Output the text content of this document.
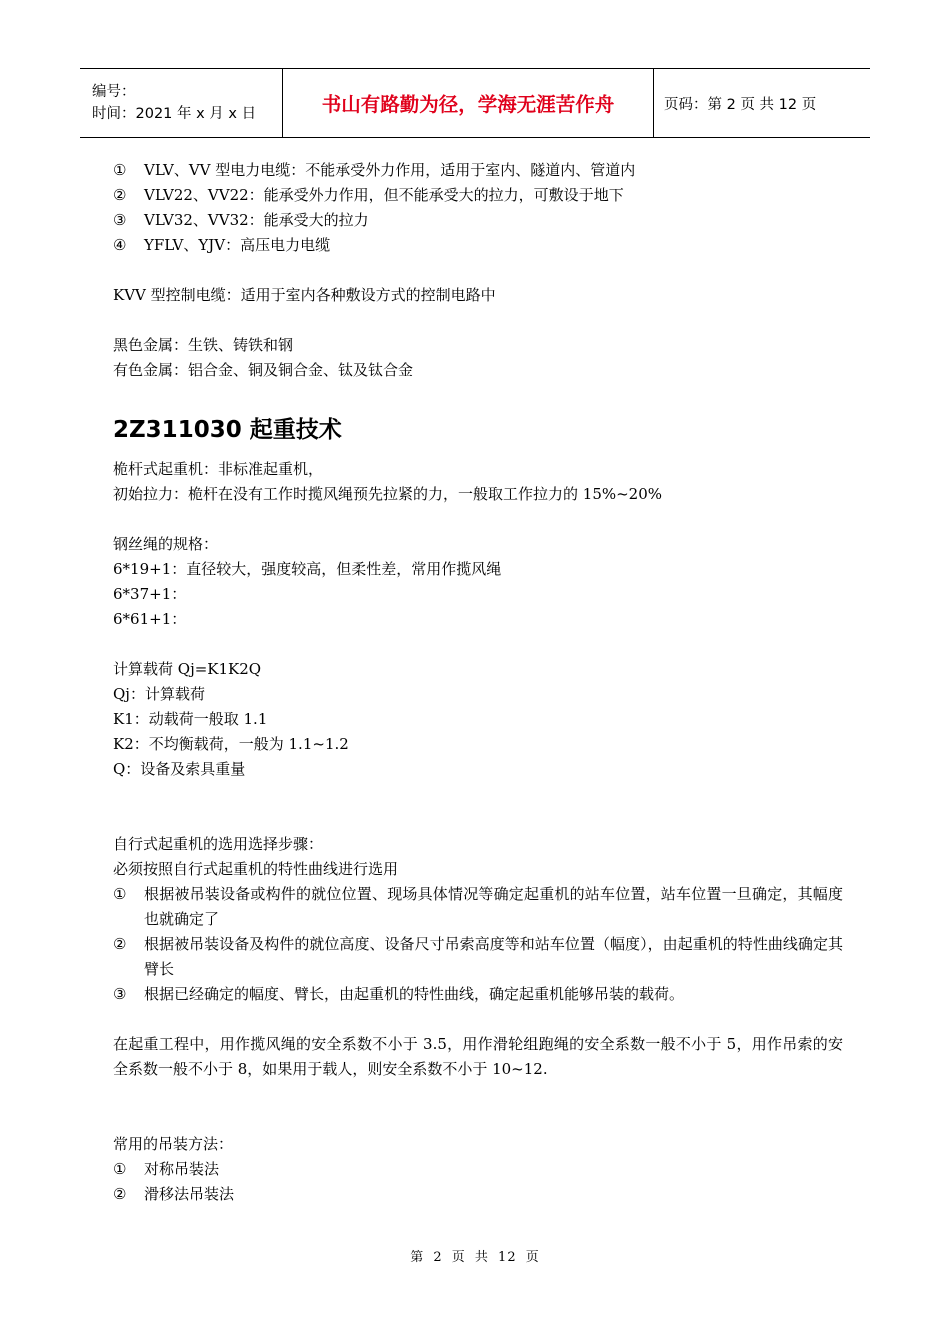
编号：
时间：2021 年 x 月 x 日	书山有路勤为径，学海无涯苦作舟	页码：第 2 页 共 12 页
①	VLV、VV 型电力电缆：不能承受外力作用，适用于室内、隧道内、管道内
②	VLV22、VV22：能承受外力作用，但不能承受大的拉力，可敷设于地下
③	VLV32、VV32：能承受大的拉力
④	YFLV、YJV：高压电力电缆
KVV 型控制电缆：适用于室内各种敷设方式的控制电路中
黑色金属：生铁、铸铁和钢
有色金属：铝合金、铜及铜合金、钛及钛合金
2Z311030 起重技术
桅杆式起重机：非标准起重机，
初始拉力：桅杆在没有工作时揽风绳预先拉紧的力，一般取工作拉力的 15%~20%
钢丝绳的规格：
6*19+1：直径较大，强度较高，但柔性差，常用作揽风绳
6*37+1：
6*61+1：
计算载荷 Qj=K1K2Q
Qj：计算载荷
K1：动载荷一般取 1.1
K2：不均衡载荷，一般为 1.1~1.2
Q：设备及索具重量
自行式起重机的选用选择步骤：
必须按照自行式起重机的特性曲线进行选用
①	根据被吊装设备或构件的就位位置、现场具体情况等确定起重机的站车位置，站车位置一旦确定，其幅度也就确定了
②	根据被吊装设备及构件的就位高度、设备尺寸吊索高度等和站车位置（幅度），由起重机的特性曲线确定其臂长
③	根据已经确定的幅度、臂长，由起重机的特性曲线，确定起重机能够吊装的载荷。
在起重工程中，用作揽风绳的安全系数不小于 3.5，用作滑轮组跑绳的安全系数一般不小于 5，用作吊索的安全系数一般不小于 8，如果用于载人，则安全系数不小于 10~12.
常用的吊装方法：
①	对称吊装法
②	滑移法吊装法
第 2 页 共 12 页
